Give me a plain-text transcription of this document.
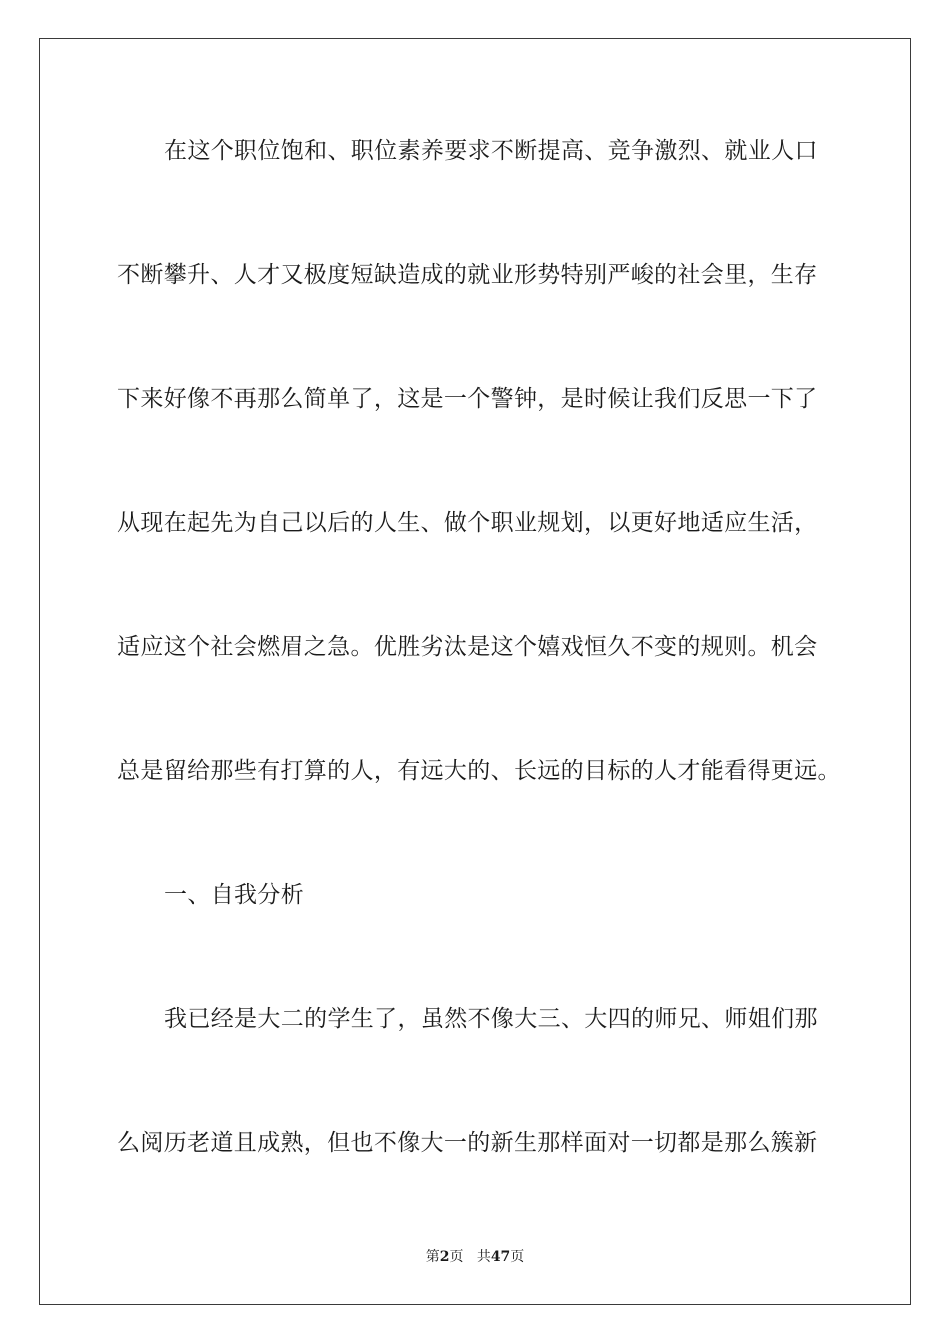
在这个职位饱和、职位素养要求不断提高、竞争激烈、就业人口
不断攀升、人才又极度短缺造成的就业形势特别严峻的社会里，生存
下来好像不再那么简单了，这是一个警钟，是时候让我们反思一下了
从现在起先为自己以后的人生、做个职业规划，以更好地适应生活，
适应这个社会燃眉之急。优胜劣汰是这个嬉戏恒久不变的规则。机会
总是留给那些有打算的人，有远大的、长远的目标的人才能看得更远。
一、自我分析
我已经是大二的学生了，虽然不像大三、大四的师兄、师姐们那
么阅历老道且成熟，但也不像大一的新生那样面对一切都是那么簇新
第2页 共47页
